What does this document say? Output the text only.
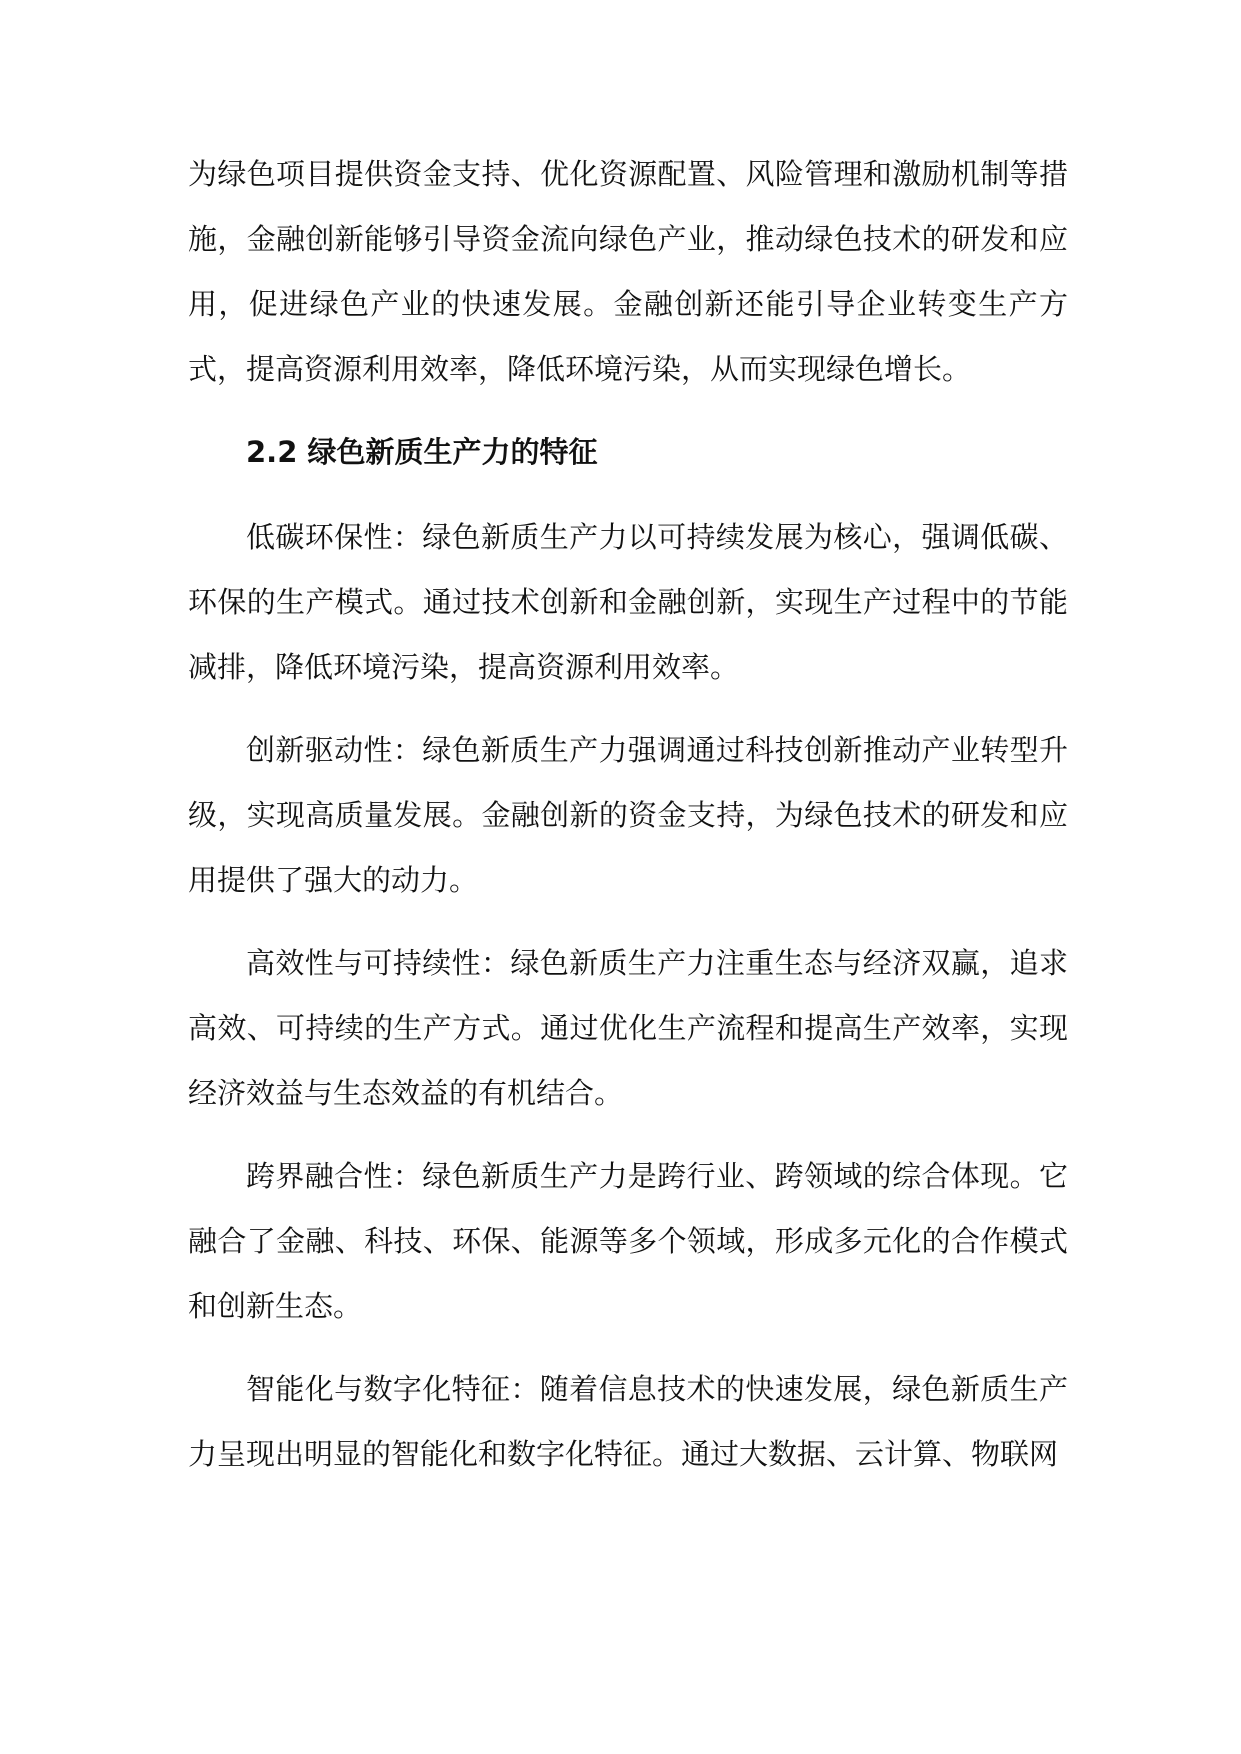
为绿色项目提供资金支持、优化资源配置、风险管理和激励机制等措施，金融创新能够引导资金流向绿色产业，推动绿色技术的研发和应用，促进绿色产业的快速发展。金融创新还能引导企业转变生产方式，提高资源利用效率，降低环境污染，从而实现绿色增长。

2.2 绿色新质生产力的特征

低碳环保性：绿色新质生产力以可持续发展为核心，强调低碳、环保的生产模式。通过技术创新和金融创新，实现生产过程中的节能减排，降低环境污染，提高资源利用效率。

创新驱动性：绿色新质生产力强调通过科技创新推动产业转型升级，实现高质量发展。金融创新的资金支持，为绿色技术的研发和应用提供了强大的动力。

高效性与可持续性：绿色新质生产力注重生态与经济双赢，追求高效、可持续的生产方式。通过优化生产流程和提高生产效率，实现经济效益与生态效益的有机结合。

跨界融合性：绿色新质生产力是跨行业、跨领域的综合体现。它融合了金融、科技、环保、能源等多个领域，形成多元化的合作模式和创新生态。

智能化与数字化特征：随着信息技术的快速发展，绿色新质生产力呈现出明显的智能化和数字化特征。通过大数据、云计算、物联网
